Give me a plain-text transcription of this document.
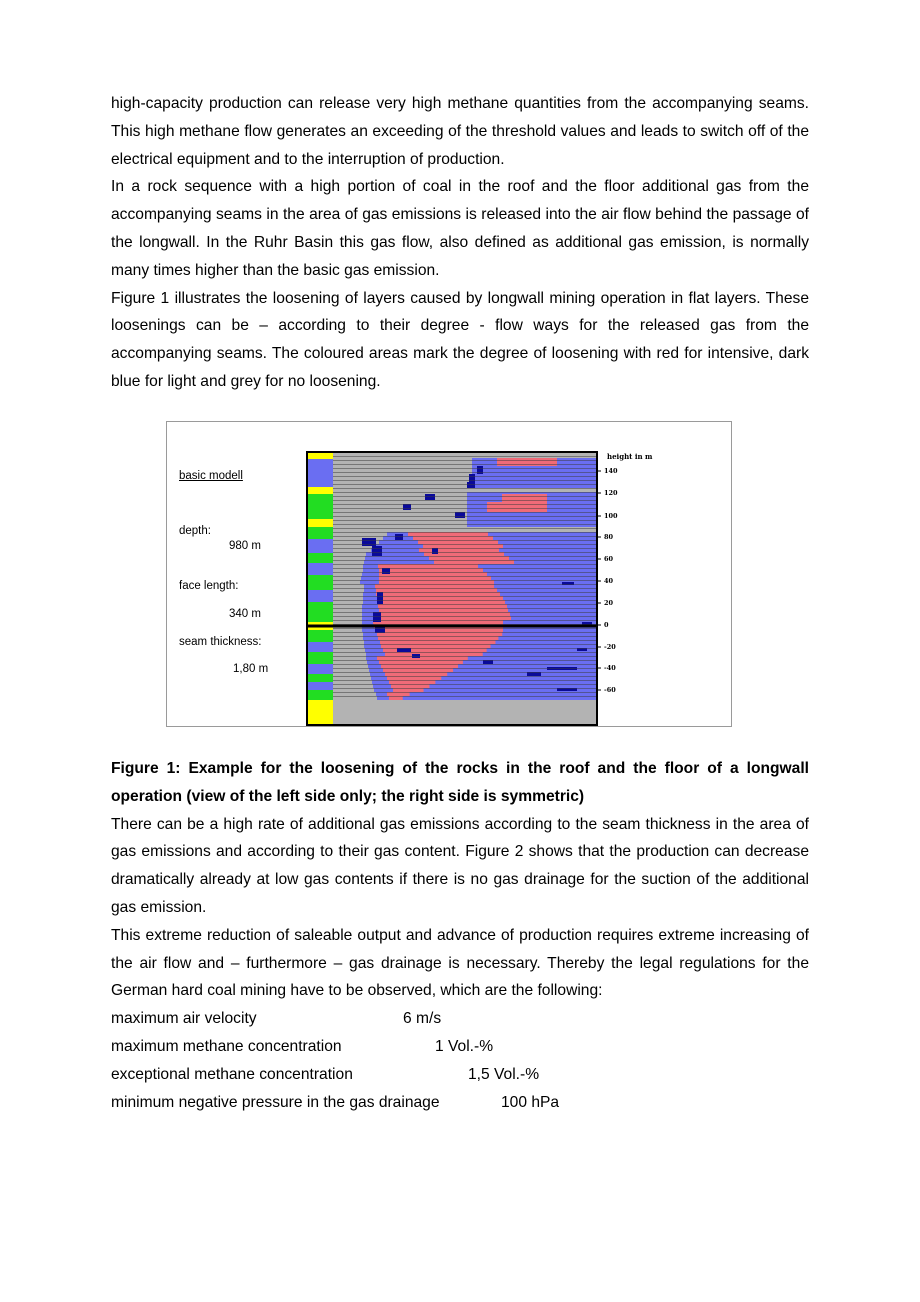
high-capacity production can release very high methane quantities from the accompanying seams. This high methane flow generates an exceeding of the threshold values and leads to switch off of the electrical equipment and to the interruption of production.

In a rock sequence with a high portion of coal in the roof and the floor additional gas from the accompanying seams in the area of gas emissions is released into the air flow behind the passage of the longwall. In the Ruhr Basin this gas flow, also defined as additional gas emission, is normally many times higher than the basic gas emission.

Figure 1 illustrates the loosening of layers caused by longwall mining operation in flat layers. These loosenings can be – according to their degree - flow ways for the released gas from the accompanying seams. The coloured areas mark the degree of loosening with red for intensive, dark blue for light and grey for no loosening.

height in m
140
120
100
80
60
40
20
0
-20
-40
-60
basic modell
depth:
980 m
face length:
340 m
seam thickness:
1,80 m

Figure 1: Example for the loosening of the rocks in the roof and the floor of a longwall operation (view of the left side only; the right side is symmetric)

There can be a high rate of additional gas emissions according to the seam thickness in the area of gas emissions and according to their gas content. Figure 2 shows that the production can decrease dramatically already at low gas contents if there is no gas drainage for the suction of the additional gas emission.

This extreme reduction of saleable output and advance of production requires extreme increasing of the air flow and – furthermore – gas drainage is necessary. Thereby the legal regulations for the German hard coal mining have to be observed, which are the following:

maximum air velocity	6 m/s
maximum methane concentration	1 Vol.-%
exceptional methane concentration	1,5 Vol.-%
minimum negative pressure in the gas drainage	100 hPa
